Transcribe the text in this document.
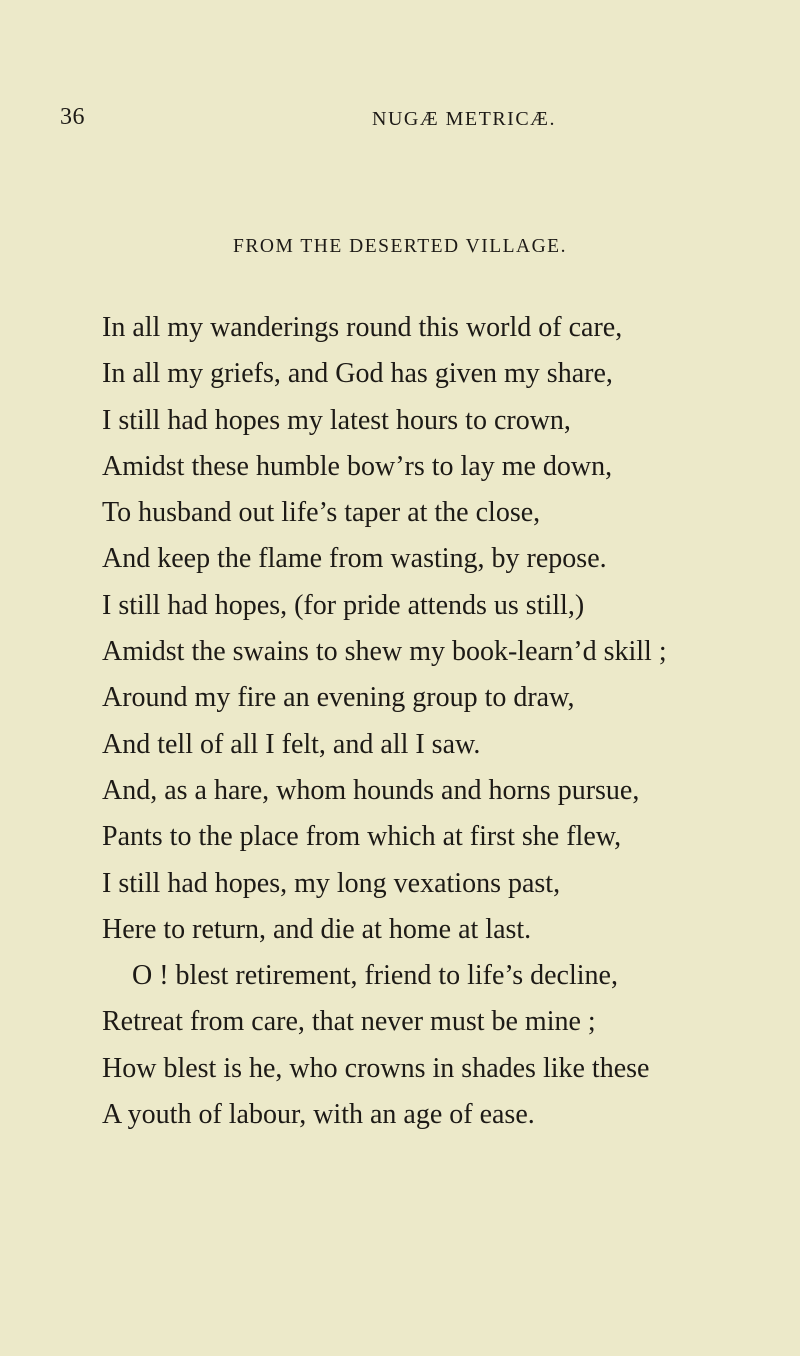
36	NUGÆ METRICÆ.
FROM THE DESERTED VILLAGE.
In all my wanderings round this world of care,
In all my griefs, and God has given my share,
I still had hopes my latest hours to crown,
Amidst these humble bow’rs to lay me down,
To husband out life’s taper at the close,
And keep the flame from wasting, by repose.
I still had hopes, (for pride attends us still,)
Amidst the swains to shew my book-learn’d skill ;
Around my fire an evening group to draw,
And tell of all I felt, and all I saw.
And, as a hare, whom hounds and horns pursue,
Pants to the place from which at first she flew,
I still had hopes, my long vexations past,
Here to return, and die at home at last.
O ! blest retirement, friend to life’s decline,
Retreat from care, that never must be mine ;
How blest is he, who crowns in shades like these
A youth of labour, with an age of ease.
